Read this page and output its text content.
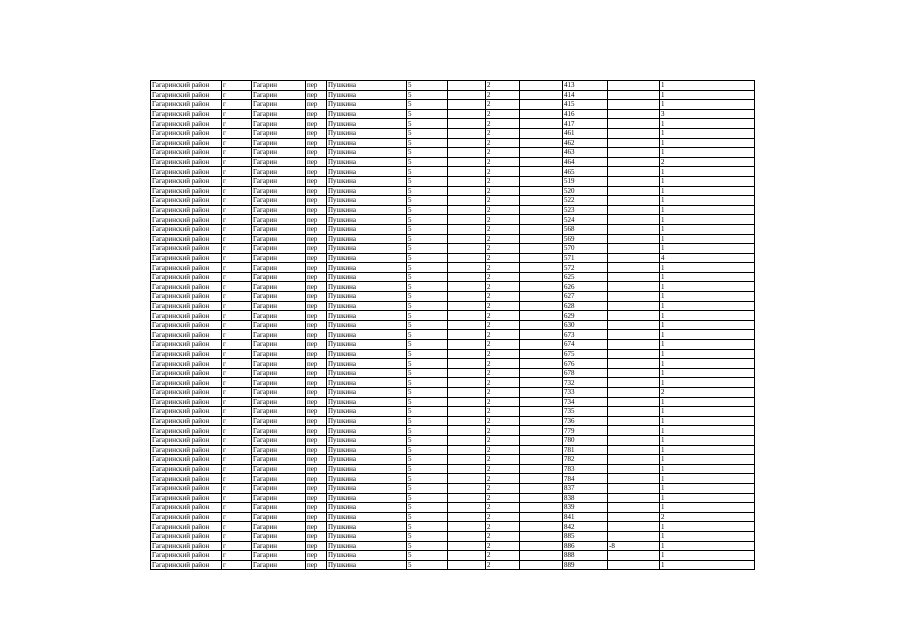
Гагаринский район	г	Гагарин	пер	Пушкина	5		2		413		1
Гагаринский район	г	Гагарин	пер	Пушкина	5		2		414		1
Гагаринский район	г	Гагарин	пер	Пушкина	5		2		415		1
Гагаринский район	г	Гагарин	пер	Пушкина	5		2		416		3
Гагаринский район	г	Гагарин	пер	Пушкина	5		2		417		1
Гагаринский район	г	Гагарин	пер	Пушкина	5		2		461		1
Гагаринский район	г	Гагарин	пер	Пушкина	5		2		462		1
Гагаринский район	г	Гагарин	пер	Пушкина	5		2		463		1
Гагаринский район	г	Гагарин	пер	Пушкина	5		2		464		2
Гагаринский район	г	Гагарин	пер	Пушкина	5		2		465		1
Гагаринский район	г	Гагарин	пер	Пушкина	5		2		519		1
Гагаринский район	г	Гагарин	пер	Пушкина	5		2		520		1
Гагаринский район	г	Гагарин	пер	Пушкина	5		2		522		1
Гагаринский район	г	Гагарин	пер	Пушкина	5		2		523		1
Гагаринский район	г	Гагарин	пер	Пушкина	5		2		524		1
Гагаринский район	г	Гагарин	пер	Пушкина	5		2		568		1
Гагаринский район	г	Гагарин	пер	Пушкина	5		2		569		1
Гагаринский район	г	Гагарин	пер	Пушкина	5		2		570		1
Гагаринский район	г	Гагарин	пер	Пушкина	5		2		571		4
Гагаринский район	г	Гагарин	пер	Пушкина	5		2		572		1
Гагаринский район	г	Гагарин	пер	Пушкина	5		2		625		1
Гагаринский район	г	Гагарин	пер	Пушкина	5		2		626		1
Гагаринский район	г	Гагарин	пер	Пушкина	5		2		627		1
Гагаринский район	г	Гагарин	пер	Пушкина	5		2		628		1
Гагаринский район	г	Гагарин	пер	Пушкина	5		2		629		1
Гагаринский район	г	Гагарин	пер	Пушкина	5		2		630		1
Гагаринский район	г	Гагарин	пер	Пушкина	5		2		673		1
Гагаринский район	г	Гагарин	пер	Пушкина	5		2		674		1
Гагаринский район	г	Гагарин	пер	Пушкина	5		2		675		1
Гагаринский район	г	Гагарин	пер	Пушкина	5		2		676		1
Гагаринский район	г	Гагарин	пер	Пушкина	5		2		678		1
Гагаринский район	г	Гагарин	пер	Пушкина	5		2		732		1
Гагаринский район	г	Гагарин	пер	Пушкина	5		2		733		2
Гагаринский район	г	Гагарин	пер	Пушкина	5		2		734		1
Гагаринский район	г	Гагарин	пер	Пушкина	5		2		735		1
Гагаринский район	г	Гагарин	пер	Пушкина	5		2		736		1
Гагаринский район	г	Гагарин	пер	Пушкина	5		2		779		1
Гагаринский район	г	Гагарин	пер	Пушкина	5		2		780		1
Гагаринский район	г	Гагарин	пер	Пушкина	5		2		781		1
Гагаринский район	г	Гагарин	пер	Пушкина	5		2		782		1
Гагаринский район	г	Гагарин	пер	Пушкина	5		2		783		1
Гагаринский район	г	Гагарин	пер	Пушкина	5		2		784		1
Гагаринский район	г	Гагарин	пер	Пушкина	5		2		837		1
Гагаринский район	г	Гагарин	пер	Пушкина	5		2		838		1
Гагаринский район	г	Гагарин	пер	Пушкина	5		2		839		1
Гагаринский район	г	Гагарин	пер	Пушкина	5		2		841		2
Гагаринский район	г	Гагарин	пер	Пушкина	5		2		842		1
Гагаринский район	г	Гагарин	пер	Пушкина	5		2		885		1
Гагаринский район	г	Гагарин	пер	Пушкина	5		2		886	-8	1
Гагаринский район	г	Гагарин	пер	Пушкина	5		2		888		1
Гагаринский район	г	Гагарин	пер	Пушкина	5		2		889		1
